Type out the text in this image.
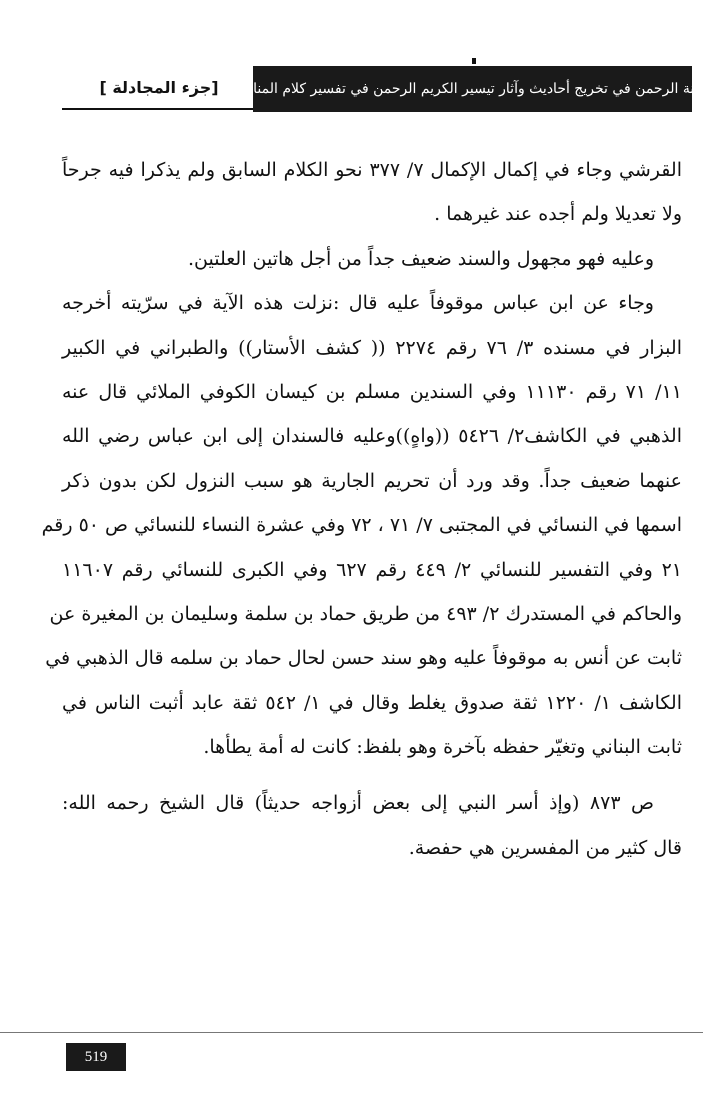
منة الرحمن في تخريج أحاديث وآثار تيسير الكريم الرحمن في تفسير كلام المنان
[جزء المجادلة ]
القرشي وجاء في إكمال الإكمال ٧/ ٣٧٧ نحو الكلام السابق ولم يذكرا فيه جرحاً
ولا تعديلا ولم أجده عند غيرهما .
وعليه فهو مجهول والسند ضعيف جداً من أجل هاتين العلتين.
وجاء عن ابن عباس موقوفاً عليه قال :نزلت هذه الآية في سرّيته أخرجه
البزار في مسنده ٣/ ٧٦ رقم ٢٢٧٤ (( كشف الأستار)) والطبراني في الكبير
١١/ ٧١ رقم ١١١٣٠ وفي السندين مسلم بن كيسان الكوفي الملائي قال عنه
الذهبي في الكاشف٢/ ٥٤٢٦ ((واهٍ))وعليه فالسندان إلى ابن عباس رضي الله
عنهما ضعيف جداً. وقد ورد أن تحريم الجارية هو سبب النزول لكن بدون ذكر
اسمها في النسائي في المجتبى ٧/ ٧١ ، ٧٢ وفي عشرة النساء للنسائي ص ٥٠ رقم
٢١ وفي التفسير للنسائي ٢/ ٤٤٩ رقم ٦٢٧ وفي الكبرى للنسائي رقم ١١٦٠٧
والحاكم في المستدرك ٢/ ٤٩٣ من طريق حماد بن سلمة وسليمان بن المغيرة عن
ثابت عن أنس به موقوفاً عليه وهو سند حسن لحال حماد بن سلمه قال الذهبي في
الكاشف ١/ ١٢٢٠ ثقة صدوق يغلط وقال في ١/ ٥٤٢ ثقة عابد أثبت الناس في
ثابت البناني وتغيّر حفظه بآخرة وهو بلفظ: كانت له أمة يطأها.
ص ٨٧٣ (وإذ أسر النبي إلى بعض أزواجه حديثاً) قال الشيخ رحمه الله:
قال كثير من المفسرين هي حفصة.
519
